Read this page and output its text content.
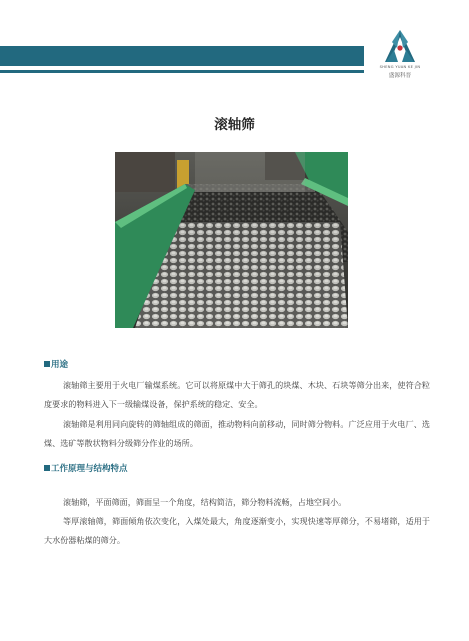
SHENG YUAN KE JIN
盛源科晋
滚轴筛
用途

滚轴筛主要用于火电厂输煤系统。它可以将原煤中大于筛孔的块煤、木块、石块等筛分出来，使符合粒度要求的物料进入下一级输煤设备，保护系统的稳定、安全。

滚轴筛是利用同向旋转的筛轴组成的筛面，推动物料向前移动，同时筛分物料。广泛应用于火电厂、选煤、选矿等散状物料分级筛分作业的场所。

工作原理与结构特点

滚轴筛，平面筛面，筛面呈一个角度，结构简洁，筛分物料流畅，占地空间小。

等厚滚轴筛，筛面倾角依次变化，入煤处最大，角度逐渐变小，实现快速等厚筛分，不易堵筛，适用于大水份器粘煤的筛分。
